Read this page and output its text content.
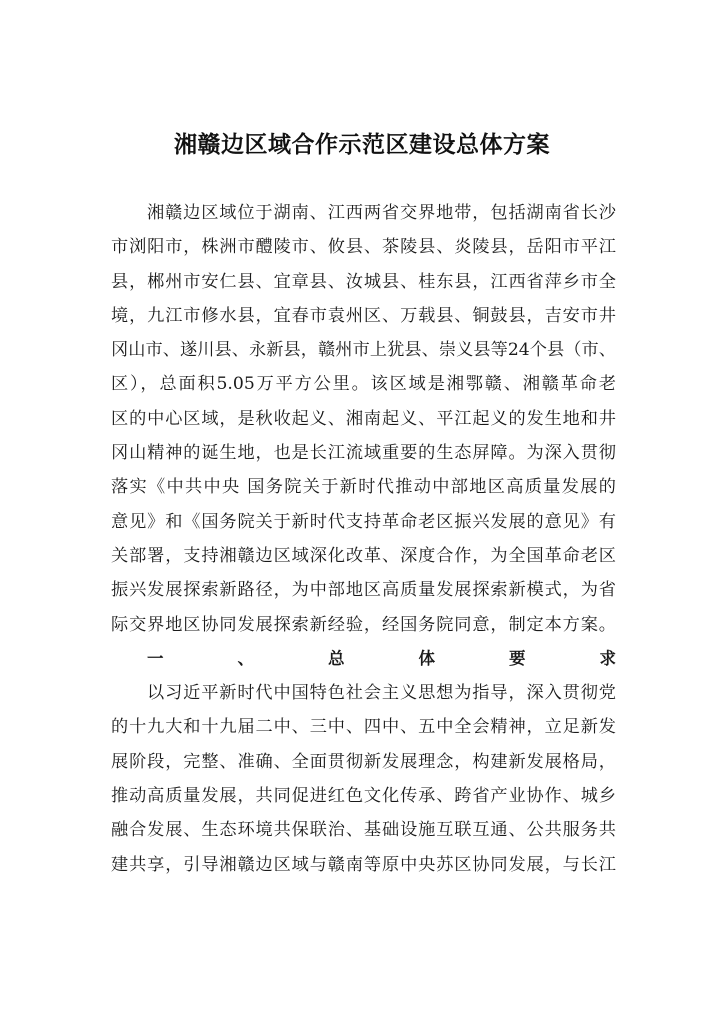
湘赣边区域合作示范区建设总体方案
湘赣边区域位于湖南、江西两省交界地带，包括湖南省长沙
市浏阳市，株洲市醴陵市、攸县、茶陵县、炎陵县，岳阳市平江
县，郴州市安仁县、宜章县、汝城县、桂东县，江西省萍乡市全
境，九江市修水县，宜春市袁州区、万载县、铜鼓县，吉安市井
冈山市、遂川县、永新县，赣州市上犹县、崇义县等24个县（市、
区），总面积5.05万平方公里。该区域是湘鄂赣、湘赣革命老
区的中心区域，是秋收起义、湘南起义、平江起义的发生地和井
冈山精神的诞生地，也是长江流域重要的生态屏障。为深入贯彻
落实《中共中央 国务院关于新时代推动中部地区高质量发展的
意见》和《国务院关于新时代支持革命老区振兴发展的意见》有
关部署，支持湘赣边区域深化改革、深度合作，为全国革命老区
振兴发展探索新路径，为中部地区高质量发展探索新模式，为省
际交界地区协同发展探索新经验，经国务院同意，制定本方案。
一、总体要求
以习近平新时代中国特色社会主义思想为指导，深入贯彻党
的十九大和十九届二中、三中、四中、五中全会精神，立足新发
展阶段，完整、准确、全面贯彻新发展理念，构建新发展格局，
推动高质量发展，共同促进红色文化传承、跨省产业协作、城乡
融合发展、生态环境共保联治、基础设施互联互通、公共服务共
建共享，引导湘赣边区域与赣南等原中央苏区协同发展，与长江
